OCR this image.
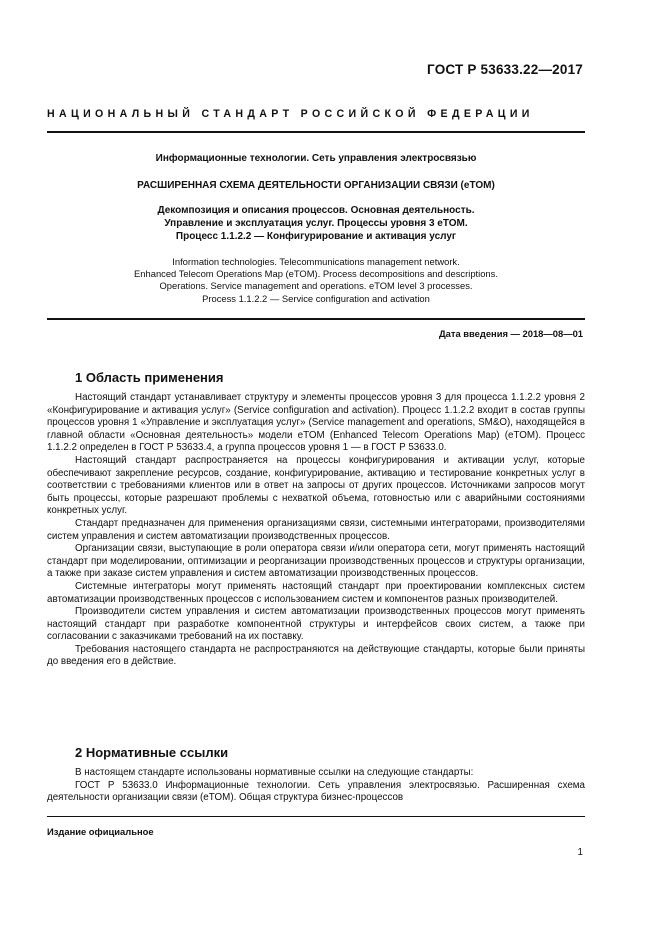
ГОСТ Р 53633.22—2017
НАЦИОНАЛЬНЫЙ СТАНДАРТ РОССИЙСКОЙ ФЕДЕРАЦИИ
Информационные технологии. Сеть управления электросвязью
РАСШИРЕННАЯ СХЕМА ДЕЯТЕЛЬНОСТИ ОРГАНИЗАЦИИ СВЯЗИ (eTOM)
Декомпозиция и описания процессов. Основная деятельность.
Управление и эксплуатация услуг. Процессы уровня 3 eTOM.
Процесс 1.1.2.2 — Конфигурирование и активация услуг
Information technologies. Telecommunications management network.
Enhanced Telecom Operations Map (eTOM). Process decompositions and descriptions.
Operations. Service management and operations. eTOM level 3 processes.
Process 1.1.2.2 — Service configuration and activation
Дата введения — 2018—08—01
1 Область применения

Настоящий стандарт устанавливает структуру и элементы процессов уровня 3 для процесса 1.1.2.2 уровня 2 «Конфигурирование и активация услуг» (Service configuration and activation). Процесс 1.1.2.2 входит в состав группы процессов уровня 1 «Управление и эксплуатация услуг» (Service management and operations, SM&O), находящейся в главной области «Основная деятельность» модели eTOM (Enhanced Telecom Operations Map) (eTOM). Процесс 1.1.2.2 определен в ГОСТ Р 53633.4, а группа процессов уровня 1 — в ГОСТ Р 53633.0.

Настоящий стандарт распространяется на процессы конфигурирования и активации услуг, которые обеспечивают закрепление ресурсов, создание, конфигурирование, активацию и тестирование конкретных услуг в соответствии с требованиями клиентов или в ответ на запросы от других процессов. Источниками запросов могут быть процессы, которые разрешают проблемы с нехваткой объема, готовностью или с аварийными состояниями конкретных услуг.

Стандарт предназначен для применения организациями связи, системными интеграторами, производителями систем управления и систем автоматизации производственных процессов.

Организации связи, выступающие в роли оператора связи и/или оператора сети, могут применять настоящий стандарт при моделировании, оптимизации и реорганизации производственных процессов и структуры организации, а также при заказе систем управления и систем автоматизации производственных процессов.

Системные интеграторы могут применять настоящий стандарт при проектировании комплексных систем автоматизации производственных процессов с использованием систем и компонентов разных производителей.

Производители систем управления и систем автоматизации производственных процессов могут применять настоящий стандарт при разработке компонентной структуры и интерфейсов своих систем, а также при согласовании с заказчиками требований на их поставку.

Требования настоящего стандарта не распространяются на действующие стандарты, которые были приняты до введения его в действие.

2 Нормативные ссылки

В настоящем стандарте использованы нормативные ссылки на следующие стандарты:

ГОСТ Р 53633.0 Информационные технологии. Сеть управления электросвязью. Расширенная схема деятельности организации связи (eTOM). Общая структура бизнес-процессов

Издание официальное
1
